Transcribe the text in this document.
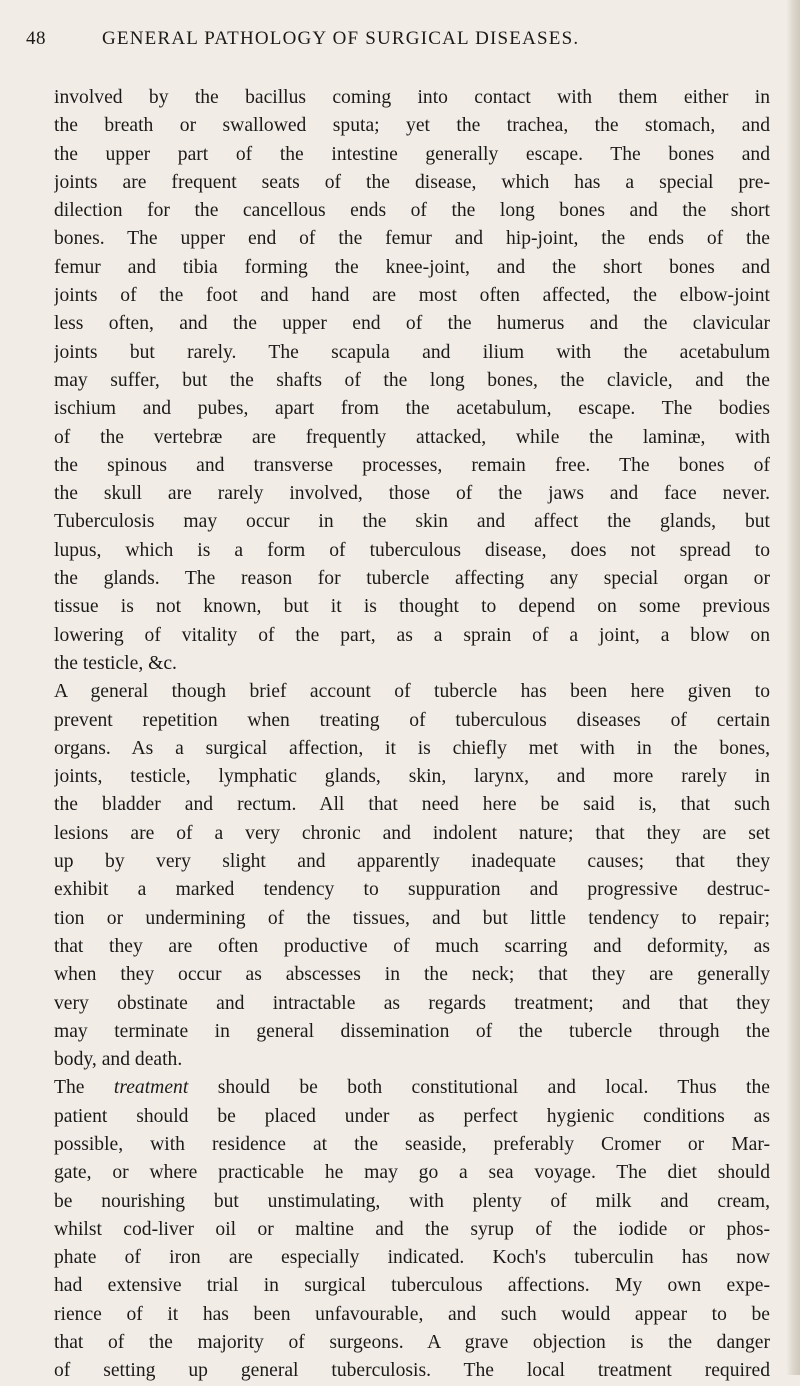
48	GENERAL PATHOLOGY OF SURGICAL DISEASES.
involved by the bacillus coming into contact with them either in
the breath or swallowed sputa; yet the trachea, the stomach, and
the upper part of the intestine generally escape. The bones and
joints are frequent seats of the disease, which has a special pre-
dilection for the cancellous ends of the long bones and the short
bones. The upper end of the femur and hip-joint, the ends of the
femur and tibia forming the knee-joint, and the short bones and
joints of the foot and hand are most often affected, the elbow-joint
less often, and the upper end of the humerus and the clavicular
joints but rarely. The scapula and ilium with the acetabulum
may suffer, but the shafts of the long bones, the clavicle, and the
ischium and pubes, apart from the acetabulum, escape. The bodies
of the vertebræ are frequently attacked, while the laminæ, with
the spinous and transverse processes, remain free. The bones of
the skull are rarely involved, those of the jaws and face never.
Tuberculosis may occur in the skin and affect the glands, but
lupus, which is a form of tuberculous disease, does not spread to
the glands. The reason for tubercle affecting any special organ or
tissue is not known, but it is thought to depend on some previous
lowering of vitality of the part, as a sprain of a joint, a blow on
the testicle, &c.
A general though brief account of tubercle has been here given to
prevent repetition when treating of tuberculous diseases of certain
organs. As a surgical affection, it is chiefly met with in the bones,
joints, testicle, lymphatic glands, skin, larynx, and more rarely in
the bladder and rectum. All that need here be said is, that such
lesions are of a very chronic and indolent nature; that they are set
up by very slight and apparently inadequate causes; that they
exhibit a marked tendency to suppuration and progressive destruc-
tion or undermining of the tissues, and but little tendency to repair;
that they are often productive of much scarring and deformity, as
when they occur as abscesses in the neck; that they are generally
very obstinate and intractable as regards treatment; and that they
may terminate in general dissemination of the tubercle through the
body, and death.
The treatment should be both constitutional and local. Thus the
patient should be placed under as perfect hygienic conditions as
possible, with residence at the seaside, preferably Cromer or Mar-
gate, or where practicable he may go a sea voyage. The diet should
be nourishing but unstimulating, with plenty of milk and cream,
whilst cod-liver oil or maltine and the syrup of the iodide or phos-
phate of iron are especially indicated. Koch's tuberculin has now
had extensive trial in surgical tuberculous affections. My own expe-
rience of it has been unfavourable, and such would appear to be
that of the majority of surgeons. A grave objection is the danger
of setting up general tuberculosis. The local treatment required
